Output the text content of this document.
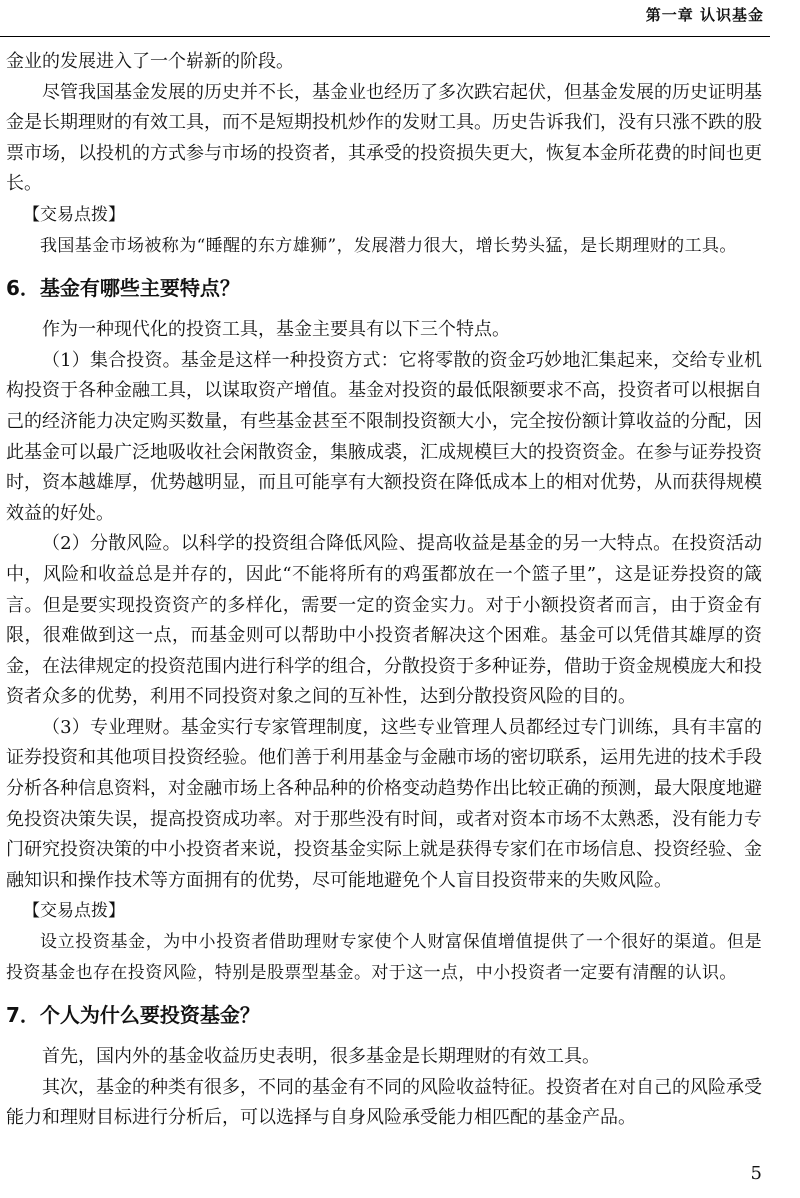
第一章 认识基金

金业的发展进入了一个崭新的阶段。

尽管我国基金发展的历史并不长，基金业也经历了多次跌宕起伏，但基金发展的历史证明基金是长期理财的有效工具，而不是短期投机炒作的发财工具。历史告诉我们，没有只涨不跌的股票市场，以投机的方式参与市场的投资者，其承受的投资损失更大，恢复本金所花费的时间也更长。

【交易点拨】

我国基金市场被称为“睡醒的东方雄狮”，发展潜力很大，增长势头猛，是长期理财的工具。

6．基金有哪些主要特点？

作为一种现代化的投资工具，基金主要具有以下三个特点。

（1）集合投资。基金是这样一种投资方式：它将零散的资金巧妙地汇集起来，交给专业机构投资于各种金融工具，以谋取资产增值。基金对投资的最低限额要求不高，投资者可以根据自己的经济能力决定购买数量，有些基金甚至不限制投资额大小，完全按份额计算收益的分配，因此基金可以最广泛地吸收社会闲散资金，集腋成裘，汇成规模巨大的投资资金。在参与证券投资时，资本越雄厚，优势越明显，而且可能享有大额投资在降低成本上的相对优势，从而获得规模效益的好处。

（2）分散风险。以科学的投资组合降低风险、提高收益是基金的另一大特点。在投资活动中，风险和收益总是并存的，因此“不能将所有的鸡蛋都放在一个篮子里”，这是证券投资的箴言。但是要实现投资资产的多样化，需要一定的资金实力。对于小额投资者而言，由于资金有限，很难做到这一点，而基金则可以帮助中小投资者解决这个困难。基金可以凭借其雄厚的资金，在法律规定的投资范围内进行科学的组合，分散投资于多种证券，借助于资金规模庞大和投资者众多的优势，利用不同投资对象之间的互补性，达到分散投资风险的目的。

（3）专业理财。基金实行专家管理制度，这些专业管理人员都经过专门训练，具有丰富的证券投资和其他项目投资经验。他们善于利用基金与金融市场的密切联系，运用先进的技术手段分析各种信息资料，对金融市场上各种品种的价格变动趋势作出比较正确的预测，最大限度地避免投资决策失误，提高投资成功率。对于那些没有时间，或者对资本市场不太熟悉，没有能力专门研究投资决策的中小投资者来说，投资基金实际上就是获得专家们在市场信息、投资经验、金融知识和操作技术等方面拥有的优势，尽可能地避免个人盲目投资带来的失败风险。

【交易点拨】

设立投资基金，为中小投资者借助理财专家使个人财富保值增值提供了一个很好的渠道。但是投资基金也存在投资风险，特别是股票型基金。对于这一点，中小投资者一定要有清醒的认识。

7．个人为什么要投资基金？

首先，国内外的基金收益历史表明，很多基金是长期理财的有效工具。

其次，基金的种类有很多，不同的基金有不同的风险收益特征。投资者在对自己的风险承受能力和理财目标进行分析后，可以选择与自身风险承受能力相匹配的基金产品。

5
